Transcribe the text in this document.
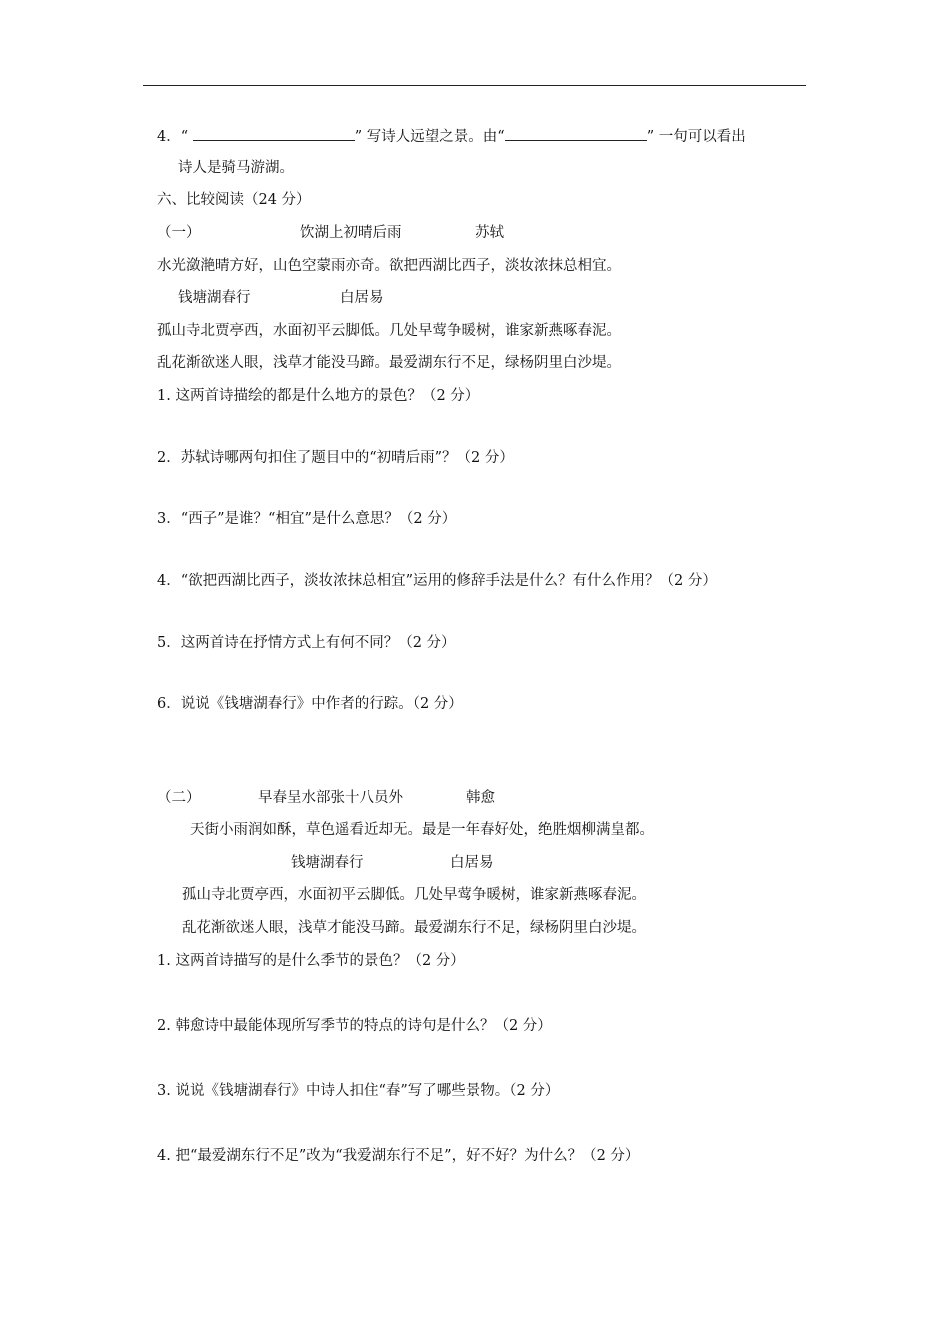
4．“	” 写诗人远望之景。由“	” 一句可以看出
诗人是骑马游湖。
六、比较阅读（24 分）
（一）	饮湖上初晴后雨	苏轼
水光潋滟晴方好，山色空蒙雨亦奇。欲把西湖比西子，淡妆浓抹总相宜。
钱塘湖春行	白居易
孤山寺北贾亭西，水面初平云脚低。几处早莺争暖树，谁家新燕啄春泥。
乱花渐欲迷人眼，浅草才能没马蹄。最爱湖东行不足，绿杨阴里白沙堤。
1. 这两首诗描绘的都是什么地方的景色？（2 分）
2．苏轼诗哪两句扣住了题目中的“初晴后雨”？（2 分）
3．“西子”是谁？“相宜”是什么意思？（2 分）
4．“欲把西湖比西子，淡妆浓抹总相宜”运用的修辞手法是什么？有什么作用？（2 分）
5．这两首诗在抒情方式上有何不同？（2 分）
6．说说《钱塘湖春行》中作者的行踪。（2 分）
（二）	早春呈水部张十八员外	韩愈
天街小雨润如酥，草色遥看近却无。最是一年春好处，绝胜烟柳满皇都。
钱塘湖春行	白居易
孤山寺北贾亭西，水面初平云脚低。几处早莺争暖树，谁家新燕啄春泥。
乱花渐欲迷人眼，浅草才能没马蹄。最爱湖东行不足，绿杨阴里白沙堤。
1. 这两首诗描写的是什么季节的景色？（2 分）
2. 韩愈诗中最能体现所写季节的特点的诗句是什么？（2 分）
3. 说说《钱塘湖春行》中诗人扣住“春”写了哪些景物。（2 分）
4. 把“最爱湖东行不足”改为“我爱湖东行不足”，好不好？为什么？（2 分）
